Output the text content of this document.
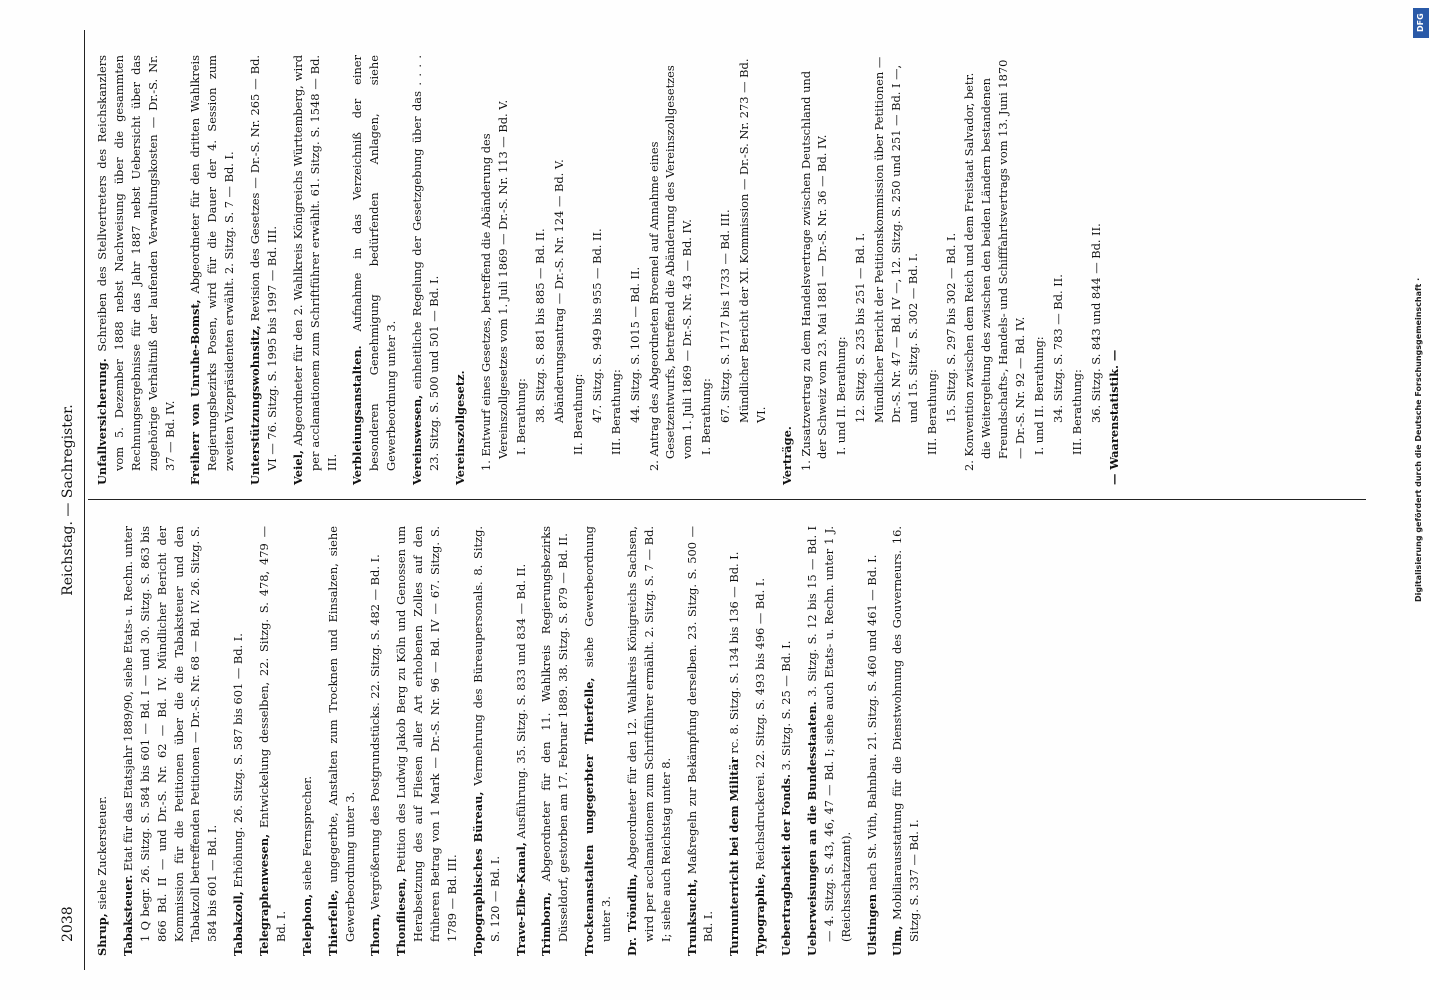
2038
Reichstag. — Sachregister.
Shrup, siehe Zuckersteuer.
Tabaksteuer. Etat für das Etatsjahr 1889/90, siehe Etats- u. Rechn. unter 1 Q begr. 26. Sitzg. S. 584 bis 601 — Bd. I — und 30. Sitzg. S. 863 bis 866 Bd. II — und Dr.-S. Nr. 62 — Bd. IV. Mündlicher Bericht der Kommission für die Petitionen über die die Tabaksteuer und den Tabakzoll betreffenden Petitionen — Dr.-S. Nr. 68 — Bd. IV. 26. Sitzg. S. 584 bis 601 — Bd. I. Tabakzoll, Erhöhung. 26. Sitzg. S. 587 bis 601 — Bd. I.
Telegraphenwesen, Entwickelung desselben, 22. Sitzg. S. 478, 479 — Bd. I. Telephon, siehe Fernsprecher.
Thierfelle, ungegerbte, Anstalten zum Trocknen und Einsalzen, siehe Gewerbeordnung unter 3. Thorn, Vergrößerung des Postgrundstücks. 22. Sitzg. S. 482 — Bd. I.
Thonfliesen, Petition des Ludwig Jakob Berg zu Köln und Genossen um Herabsetzung des auf Fliesen aller Art erhobenen Zolles auf den früheren Betrag von 1 Mark — Dr.-S. Nr. 96 — Bd. IV — 67. Sitzg. S. 1789 — Bd. III. Topographisches Büreau, Vermehrung des Büreaupersonals. 8. Sitzg. S. 120 — Bd. I. Trave-Elbe-Kanal, Ausführung. 35. Sitzg. S. 833 und 834 — Bd. II.
Trimborn, Abgeordneter für den 11. Wahlkreis Regierungsbezirks Düsseldorf, gestorben am 17. Februar 1889. 38. Sitzg. S. 879 — Bd. II. Trockenanstalten ungegerbter Thierfelle, siehe Gewerbeordnung unter 3. Dr. Tröndlin, Abgeordneter für den 12. Wahlkreis Königreichs Sachsen, wird per acclamationem zum Schriftführer ermählt. 2. Sitzg. S. 7 — Bd. I; siehe auch Reichstag unter 8. Trunksucht, Maßregeln zur Bekämpfung derselben. 23. Sitzg. S. 500 — Bd. I. Turnunterricht bei dem Militär rc. 8. Sitzg. S. 134 bis 136 — Bd. I.
Typographie, Reichsdruckerei. 22. Sitzg. S. 493 bis 496 — Bd. I. Uebertragbarkeit der Fonds. 3. Sitzg. S. 25 — Bd. I. Ueberweisungen an die Bundesstaaten. 3. Sitzg. S. 12 bis 15 — Bd. I — 4. Sitzg. S. 43, 46, 47 — Bd. I; siehe auch Etats- u. Rechn. unter 1 J. (Reichsschatzamt). Ulstingen nach St. Vith, Bahnbau. 21. Sitzg. S. 460 und 461 — Bd. I.
Ulm, Mobiliarausstattung für die Dienstwohnung des Gouverneurs. 16. Sitzg. S. 337 — Bd. I.
Unfallversicherung. Schreiben des Stellvertreters des Reichskanzlers vom 5. Dezember 1888 nebst Nachweisung über die gesammten Rechnungsergebnisse für das Jahr 1887 nebst Uebersicht über das zugehörige Verhältniß der laufenden Verwaltungskosten — Dr.-S. Nr. 37 — Bd. IV. Freiherr von Unruhe-Bomst, Abgeordneter für den dritten Wahlkreis Regierungsbezirks Posen, wird für die Dauer der 4. Session zum zweiten Vizepräsidenten erwählt. 2. Sitzg. S. 7 — Bd. I. Unterstützungswohnsitz, Revision des Gesetzes — Dr.-S. Nr. 265 — Bd. VI — 76. Sitzg. S. 1995 bis 1997 — Bd. III. Veiel, Abgeordneter für den 2. Wahlkreis Königreichs Württemberg, wird per acclamationem zum Schriftführer erwählt. 61. Sitzg. S. 1548 — Bd. III. Verbleiungsanstalten. Aufnahme in das Verzeichniß der einer besonderen Genehmigung bedürfenden Anlagen, siehe Gewerbeordnung unter 3. Vereinswesen, einheitliche Regelung der Gesetzgebung über das . . . . 23. Sitzg. S. 500 und 501 — Bd. I. Vereinszollgesetz. 1. Entwurf eines Gesetzes, betreffend die Abänderung des Vereinszollgesetzes vom 1. Juli 1869 — Dr.-S. Nr. 113 — Bd. V. I. Berathung: 38. Sitzg. S. 881 bis 885 — Bd. II. Abänderungsantrag — Dr.-S. Nr. 124 — Bd. V. II. Berathung: 47. Sitzg. S. 949 bis 955 — Bd. II. III. Berathung: 44. Sitzg. S. 1015 — Bd. II. 2. Antrag des Abgeordneten Broemel auf Annahme eines Gesetzentwurfs, betreffend die Abänderung des Vereinszollgesetzes vom 1. Juli 1869 — Dr.-S. Nr. 43 — Bd. IV. I. Berathung: 67. Sitzg. S. 1717 bis 1733 — Bd. III. Mündlicher Bericht der XI. Kommission — Dr.-S. Nr. 273 — Bd. VI.
Verträge. 1. Zusatzvertrag zu dem Handelsvertrage zwischen Deutschland und der Schweiz vom 23. Mai 1881 — Dr.-S. Nr. 36 — Bd. IV. I. und II. Berathung: 12. Sitzg. S. 235 bis 251 — Bd. I. Mündlicher Bericht der Petitionskommission über Petitionen — Dr.-S. Nr. 47 — Bd. IV —, 12. Sitzg. S. 250 und 251 — Bd. I —, und 15. Sitzg. S. 302 — Bd. I. III. Berathung: 15. Sitzg. S. 297 bis 302 — Bd. I. 2. Konvention zwischen dem Reich und dem Freistaat Salvador, betr. die Weitergeltung des zwischen den beiden Ländern bestandenen Freundschafts-, Handels- und Schifffahrtsvertrags vom 13. Juni 1870 — Dr.-S. Nr. 92 — Bd. IV. I. und II. Berathung: 34. Sitzg. S. 783 — Bd. II. III. Berathung: 36. Sitzg. S. 843 und 844 — Bd. II. — Waarenstatistik. —
DFG
Digitalisierung gefördert durch die Deutsche Forschungsgemeinschaft ·
